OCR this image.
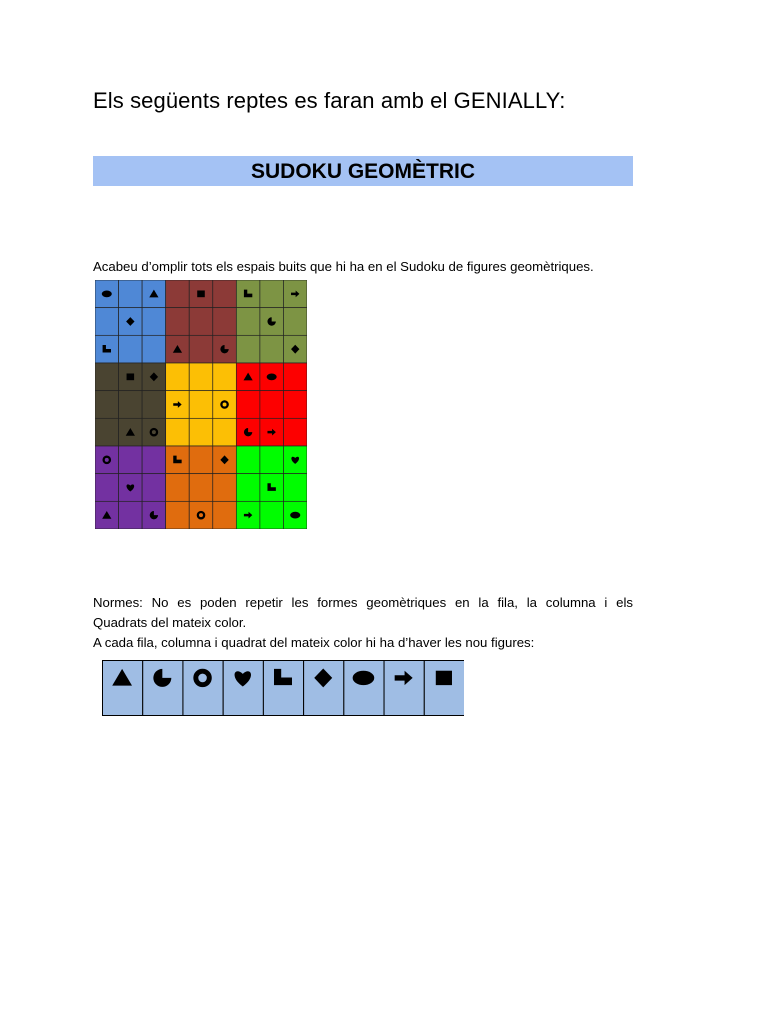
Els següents reptes es faran amb el GENIALLY:
SUDOKU GEOMÈTRIC

Acabeu d’omplir tots els espais buits que hi ha en el Sudoku de figures geomètriques.

Normes: No es poden repetir les formes geomètriques en la fila, la columna i els
Quadrats del mateix color.
A cada fila, columna i quadrat del mateix color hi ha d’haver les nou figures:
